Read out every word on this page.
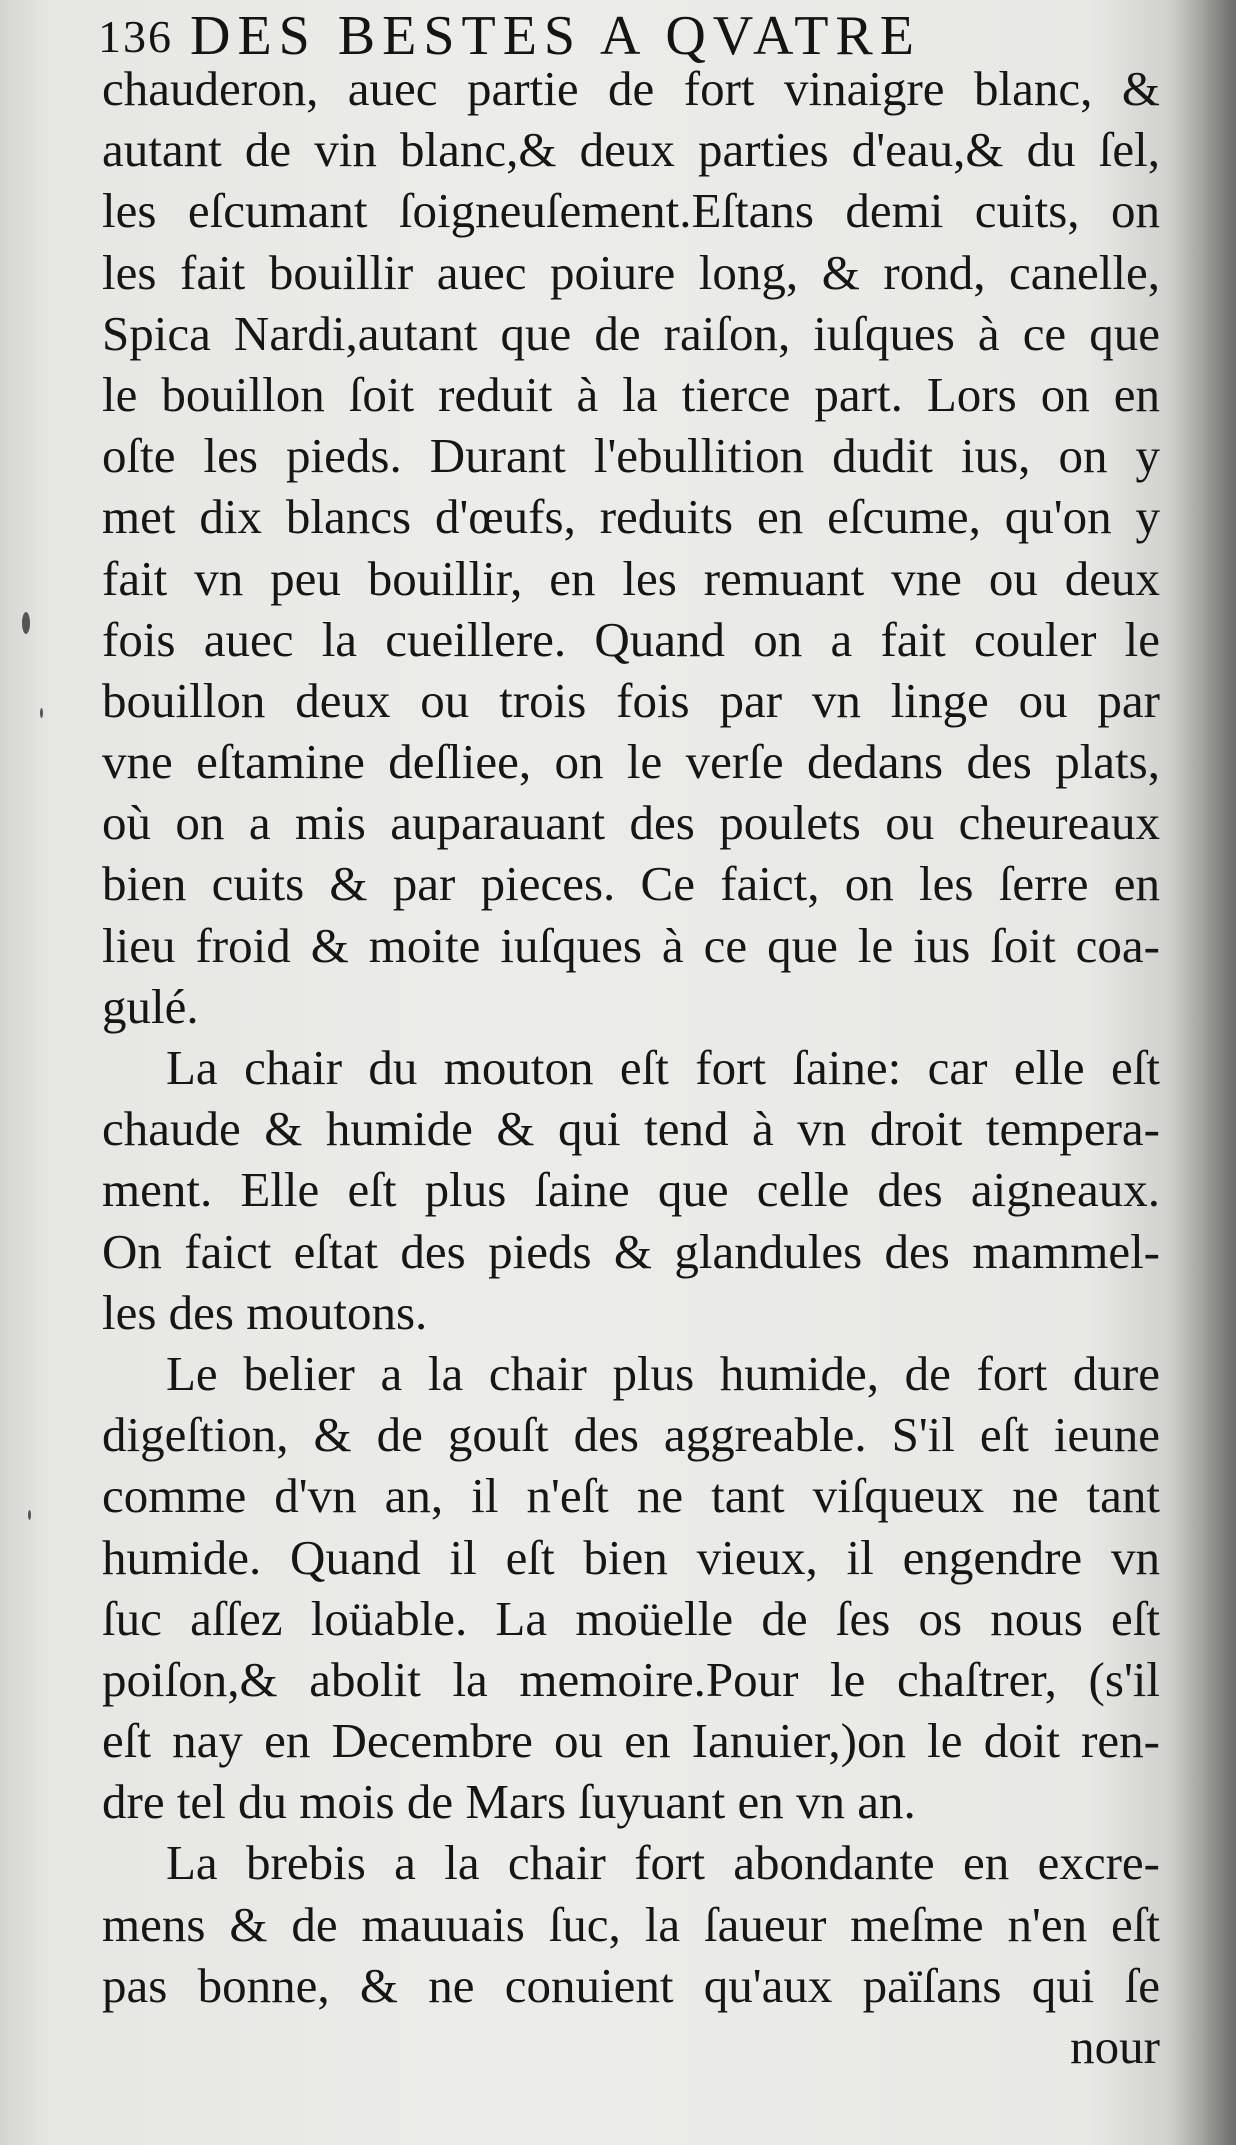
136 DES BESTES A QVATRE
chauderon, auec partie de fort vinaigre blanc, &
autant de vin blanc,& deux parties d'eau,& du ſel,
les eſcumant ſoigneuſement.Eſtans demi cuits, on
les fait bouillir auec poiure long, & rond, canelle,
Spica Nardi,autant que de raiſon, iuſques à ce que
le bouillon ſoit reduit à la tierce part. Lors on en
oſte les pieds. Durant l'ebullition dudit ius, on y
met dix blancs d'œufs, reduits en eſcume, qu'on y
fait vn peu bouillir, en les remuant vne ou deux
fois auec la cueillere. Quand on a fait couler le
bouillon deux ou trois fois par vn linge ou par
vne eſtamine deſliee, on le verſe dedans des plats,
où on a mis auparauant des poulets ou cheureaux
bien cuits & par pieces. Ce faict, on les ſerre en
lieu froid & moite iuſques à ce que le ius ſoit coa-
gulé.
La chair du mouton eſt fort ſaine: car elle eſt
chaude & humide & qui tend à vn droit tempera-
ment. Elle eſt plus ſaine que celle des aigneaux.
On faict eſtat des pieds & glandules des mammel-
les des moutons.
Le belier a la chair plus humide, de fort dure
digeſtion, & de gouſt des aggreable. S'il eſt ieune
comme d'vn an, il n'eſt ne tant viſqueux ne tant
humide. Quand il eſt bien vieux, il engendre vn
ſuc aſſez loüable. La moüelle de ſes os nous eſt
poiſon,& abolit la memoire.Pour le chaſtrer, (s'il
eſt nay en Decembre ou en Ianuier,)on le doit ren-
dre tel du mois de Mars ſuyuant en vn an.
La brebis a la chair fort abondante en excre-
mens & de mauuais ſuc, la ſaueur meſme n'en eſt
pas bonne, & ne conuient qu'aux païſans qui ſe
nour
